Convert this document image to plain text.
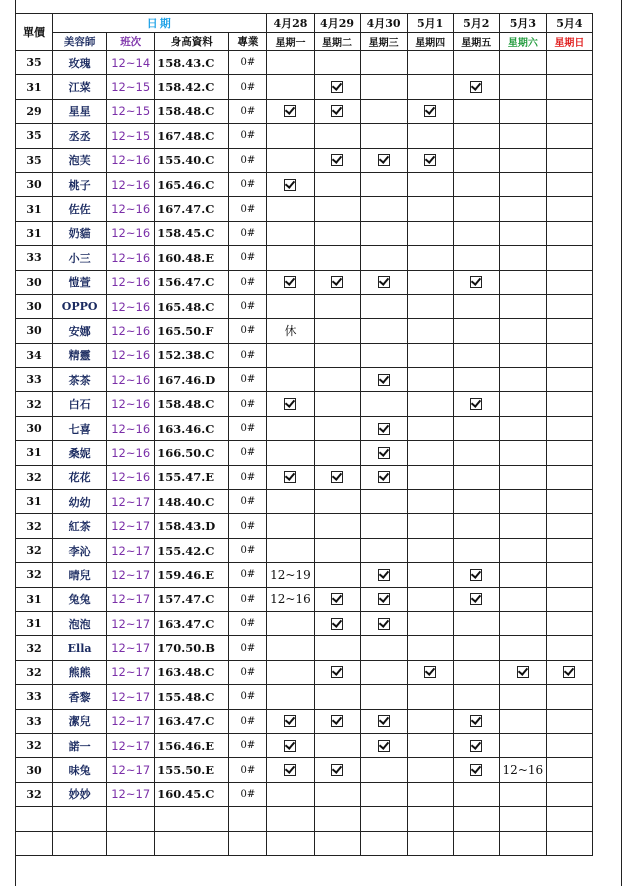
單價	日期				4月28	4月29	4月30	5月1	5月2	5月3	5月4
	美容師	班次	身高資料	專業	星期一	星期二	星期三	星期四	星期五	星期六	星期日
35	玫瑰	12~14	158.43.C	0#							
31	江菜	12~15	158.42.C	0#							
29	星星	12~15	158.48.C	0#							
35	丞丞	12~15	167.48.C	0#							
35	泡芙	12~16	155.40.C	0#							
30	桃子	12~16	165.46.C	0#							
31	佐佐	12~16	167.47.C	0#							
31	奶貓	12~16	158.45.C	0#							
33	小三	12~16	160.48.E	0#							
30	愷萱	12~16	156.47.C	0#							
30	OPPO	12~16	165.48.C	0#							
30	安娜	12~16	165.50.F	0#	休						
34	精靈	12~16	152.38.C	0#							
33	茶茶	12~16	167.46.D	0#							
32	白石	12~16	158.48.C	0#							
30	七喜	12~16	163.46.C	0#							
31	桑妮	12~16	166.50.C	0#							
32	花花	12~16	155.47.E	0#							
31	幼幼	12~17	148.40.C	0#							
32	紅茶	12~17	158.43.D	0#							
32	李沁	12~17	155.42.C	0#							
32	晴兒	12~17	159.46.E	0#	12~19						
31	兔兔	12~17	157.47.C	0#	12~16						
31	泡泡	12~17	163.47.C	0#							
32	Ella	12~17	170.50.B	0#							
32	熊熊	12~17	163.48.C	0#							
33	香黎	12~17	155.48.C	0#							
33	潔兒	12~17	163.47.C	0#							
32	諾一	12~17	156.46.E	0#							
30	味兔	12~17	155.50.E	0#						12~16	
32	妙妙	12~17	160.45.C	0#							
